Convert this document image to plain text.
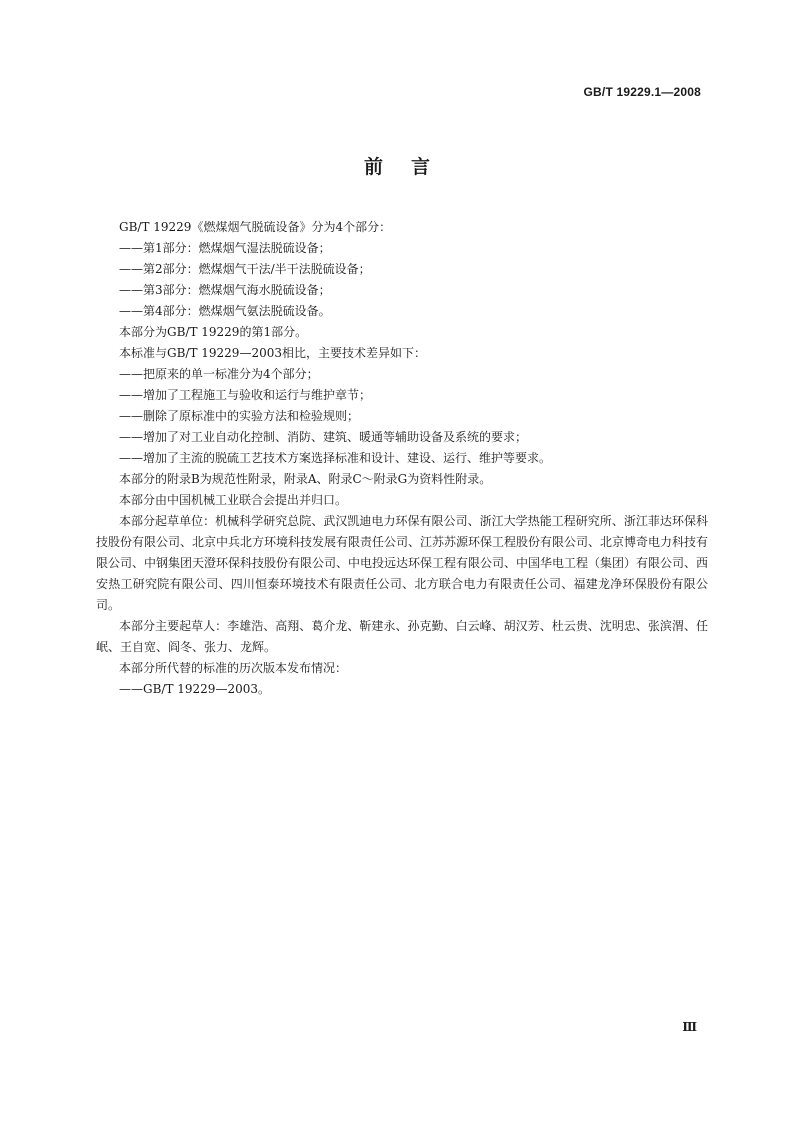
GB/T 19229.1—2008
前言

GB/T 19229《燃煤烟气脱硫设备》分为4个部分：

——第1部分：燃煤烟气湿法脱硫设备；

——第2部分：燃煤烟气干法/半干法脱硫设备；

——第3部分：燃煤烟气海水脱硫设备；

——第4部分：燃煤烟气氨法脱硫设备。

本部分为GB/T 19229的第1部分。

本标准与GB/T 19229—2003相比，主要技术差异如下：

——把原来的单一标准分为4个部分；

——增加了工程施工与验收和运行与维护章节；

——删除了原标准中的实验方法和检验规则；

——增加了对工业自动化控制、消防、建筑、暖通等辅助设备及系统的要求；

——增加了主流的脱硫工艺技术方案选择标准和设计、建设、运行、维护等要求。

本部分的附录B为规范性附录，附录A、附录C～附录G为资料性附录。

本部分由中国机械工业联合会提出并归口。

本部分起草单位：机械科学研究总院、武汉凯迪电力环保有限公司、浙江大学热能工程研究所、浙江菲达环保科技股份有限公司、北京中兵北方环境科技发展有限责任公司、江苏苏源环保工程股份有限公司、北京博奇电力科技有限公司、中钢集团天澄环保科技股份有限公司、中电投远达环保工程有限公司、中国华电工程（集团）有限公司、西安热工研究院有限公司、四川恒泰环境技术有限责任公司、北方联合电力有限责任公司、福建龙净环保股份有限公司。

本部分主要起草人：李雄浩、高翔、葛介龙、靳建永、孙克勤、白云峰、胡汉芳、杜云贵、沈明忠、张滨渭、任岷、王自宽、阎冬、张力、龙辉。

本部分所代替的标准的历次版本发布情况：

——GB/T 19229—2003。

Ⅲ
